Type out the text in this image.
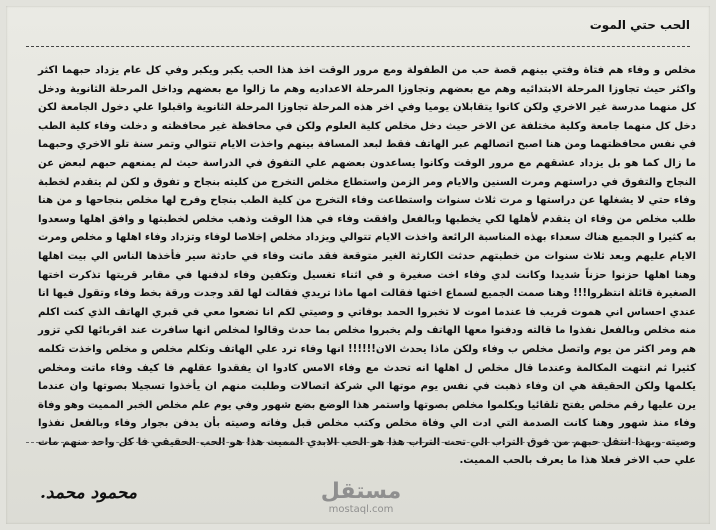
الحب حتي الموت
مخلص و وفاء هم فتاة وفتي بينهم قصة حب من الطفولة ومع مرور الوقت اخذ هذا الحب يكبر ويكبر وفي كل عام يزداد حبهما اكثر واكثر حيث تجاوزا المرحلة الابتدائيه وهم مع بعضهم وتجاوزا المرحلة الاعداديه وهم ما زالوا مع بعضهم وداخل المرحلة الثانوية ودخل كل منهما مدرسة غير الاخري ولكن كانوا يتقابلان يوميا وفي اخر هذه المرحلة تجاوزا المرحلة الثانوية واقبلوا علي دخول الجامعة لكن دخل كل منهما جامعة وكلية مختلفة عن الاخر حيث دخل مخلص كلية العلوم ولكن في محافظة غير محافظته و دخلت وفاء كلية الطب في نفس محافظتهما ومن هنا اصبح اتصالهم عبر الهاتف فقط لبعد المسافة بينهم واخذت الايام تتوالي وتمر سنة تلو الاخري وحبهما ما زال كما هو بل يزداد عشقهم مع مرور الوقت وكانوا يساعدون بعضهم علي التفوق في الدراسة حيث لم يمنعهم حبهم لبعض عن النجاح والتفوق في دراستهم ومرت السنين والايام ومر الزمن واستطاع مخلص التخرج من كليته بنجاح و تفوق و لكن لم يتقدم لخطبة وفاء حتي لا يشغلها عن دراستها و مرت ثلاث سنوات واستطاعت وفاء التخرج من كلية الطب بنجاح وفرح لها مخلص بنجاحها و من هنا طلب مخلص من وفاء ان يتقدم لأهلها لكي يخطبها وبالفعل وافقت وفاء في هذا الوقت وذهب مخلص لخطبتها و وافق اهلها وسعدوا به كثيرا و الجميع هناك سعداء بهذه المناسبة الرائعة واخذت الايام تتوالي ويزداد مخلص إخلاصا لوفاء وتزداد وفاء اهلها و مخلص ومرت الايام عليهم وبعد ثلاث سنوات من خطبتهم حدثت الكارثة الغير متوقعة فقد ماتت وفاء في حادثة سير فأخذها الناس الي بيت اهلها وهنا اهلها حزنوا حزناً شديدا وكانت لدي وفاء اخت صغيرة و في اثناء تغسيل وتكفين وفاء لدفنها في مقابر قريتها تذكرت اختها الصغيرة قائلة انتظروا!!! وهنا صمت الجميع لسماع اختها فقالت امها ماذا تريدي فقالت لها لقد وجدت ورقة بخط وفاء وتقول فيها انا عندي احساس اني هموت قريب فا عندما اموت لا تخبروا الحمد بوفاتي و وصيتي لكم انا تضعوا معي في قبري الهاتف الذي كنت اكلم منه مخلص وبالفعل نفذوا ما قالته ودفنوا معها الهاتف ولم يخبروا مخلص بما حدث وقالوا لمخلص انها سافرت عند اقربائها لكي تزور هم ومر اكثر من يوم واتصل مخلص ب وفاء ولكن ماذا يحدث الان!!!!!! انها وفاء ترد علي الهاتف وتكلم مخلص و مخلص واخذت تكلمه كثيرا ثم انتهت المكالمة وعندما قال مخلص ل اهلها انه تحدث مع وفاء الامس كادوا ان يفقدوا عقلهم فا كيف وفاء ماتت ومخلص يكلمها ولكن الحقيقة هي ان وفاء ذهبت في نفس يوم موتها الي شركة اتصالات وطلبت منهم ان يأخذوا تسجيلا بصوتها وان عندما يرن عليها رقم مخلص يفتح تلقائيا ويكلموا مخلص بصوتها واستمر هذا الوضع بضع شهور وفي يوم علم مخلص الخبر المميت وهو وفاة وفاء منذ شهور وهنا كانت الصدمة التي ادت الي وفاة مخلص وكتب مخلص قبل وفاته وصيته بأن يدفن بجوار وفاء وبالفعل نفذوا وصيته وبهذا انتقل حبهم من فوق التراب الي تحت التراب هذا هو الحب الابدي المميت هذا هو الحب الحقيقي فا كل واحد منهم مات علي حب الاخر فعلا هذا ما يعرف بالحب المميت.
مستقل
mostaql.com
محمود محمد.
